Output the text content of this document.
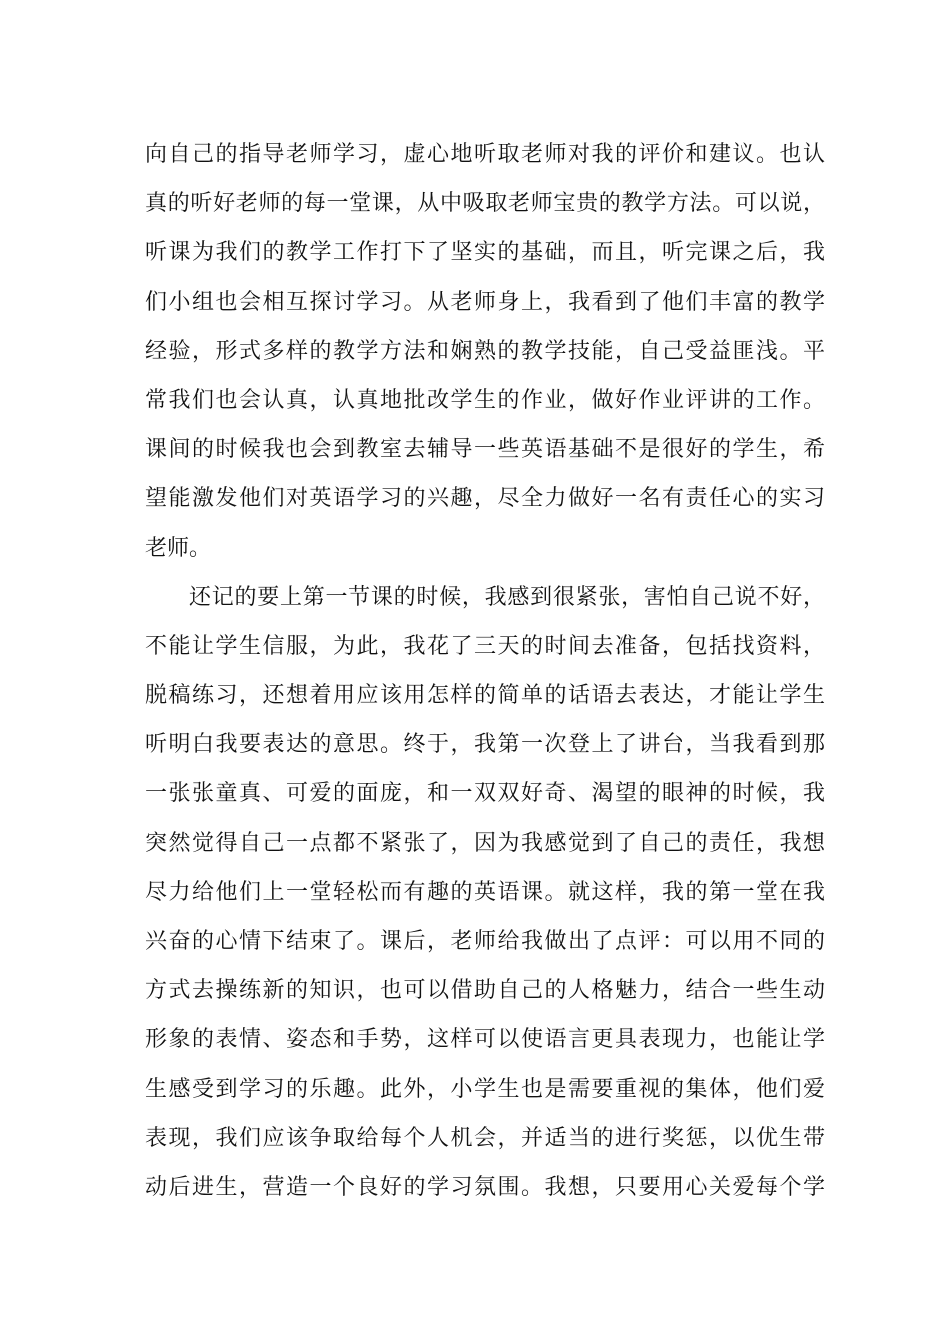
向自己的指导老师学习，虚心地听取老师对我的评价和建议。也认
真的听好老师的每一堂课，从中吸取老师宝贵的教学方法。可以说，
听课为我们的教学工作打下了坚实的基础，而且，听完课之后，我
们小组也会相互探讨学习。从老师身上，我看到了他们丰富的教学
经验，形式多样的教学方法和娴熟的教学技能，自己受益匪浅。平
常我们也会认真，认真地批改学生的作业，做好作业评讲的工作。
课间的时候我也会到教室去辅导一些英语基础不是很好的学生，希
望能激发他们对英语学习的兴趣，尽全力做好一名有责任心的实习
老师。
还记的要上第一节课的时候，我感到很紧张，害怕自己说不好，
不能让学生信服，为此，我花了三天的时间去准备，包括找资料，
脱稿练习，还想着用应该用怎样的简单的话语去表达，才能让学生
听明白我要表达的意思。终于，我第一次登上了讲台，当我看到那
一张张童真、可爱的面庞，和一双双好奇、渴望的眼神的时候，我
突然觉得自己一点都不紧张了，因为我感觉到了自己的责任，我想
尽力给他们上一堂轻松而有趣的英语课。就这样，我的第一堂在我
兴奋的心情下结束了。课后，老师给我做出了点评：可以用不同的
方式去操练新的知识，也可以借助自己的人格魅力，结合一些生动
形象的表情、姿态和手势，这样可以使语言更具表现力，也能让学
生感受到学习的乐趣。此外，小学生也是需要重视的集体，他们爱
表现，我们应该争取给每个人机会，并适当的进行奖惩，以优生带
动后进生，营造一个良好的学习氛围。我想，只要用心关爱每个学
